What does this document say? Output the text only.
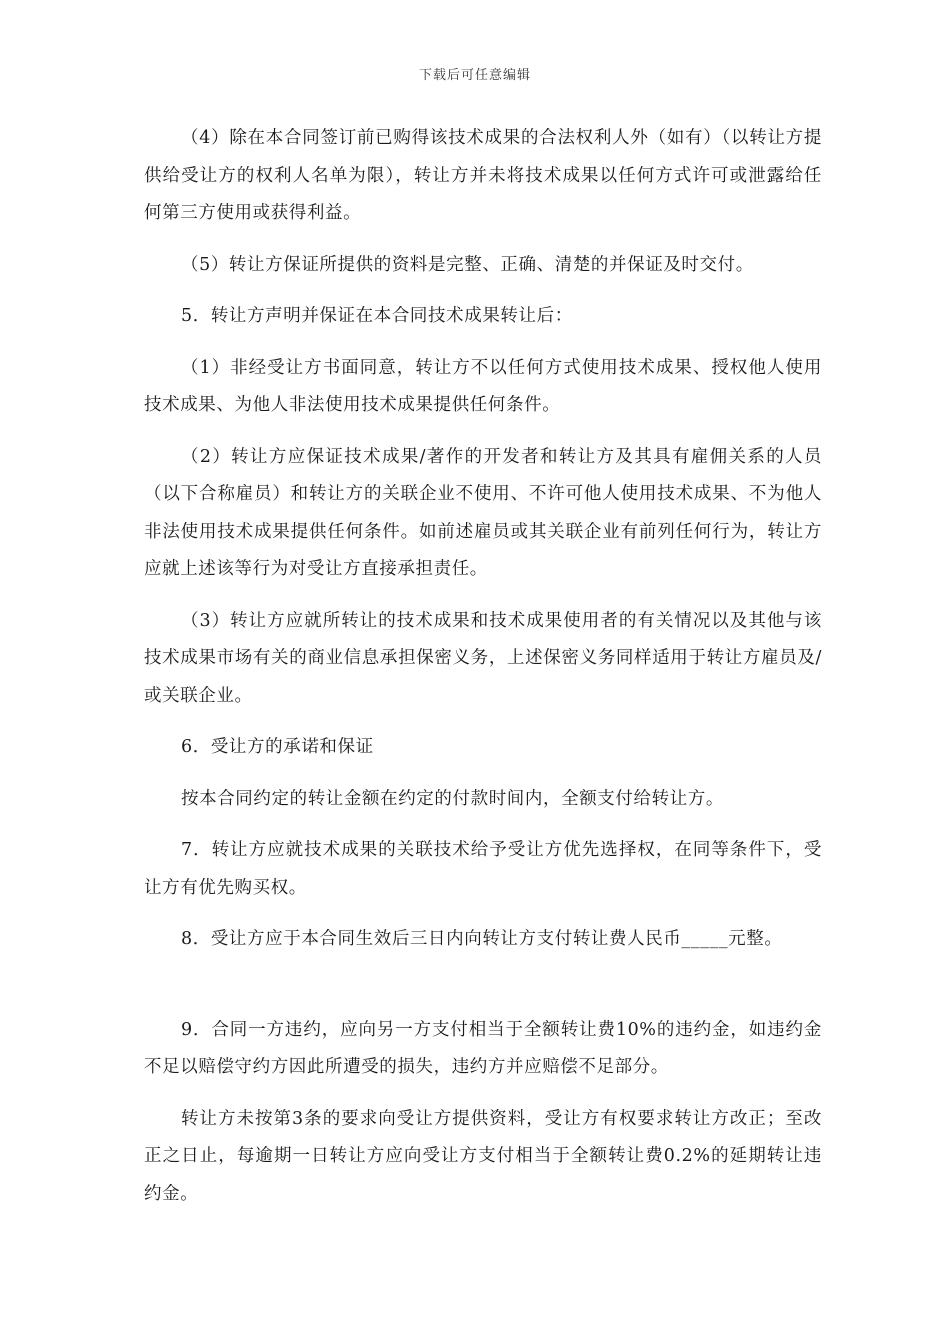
下载后可任意编辑

（4）除在本合同签订前已购得该技术成果的合法权利人外（如有）（以转让方提供给受让方的权利人名单为限），转让方并未将技术成果以任何方式许可或泄露给任何第三方使用或获得利益。

（5）转让方保证所提供的资料是完整、正确、清楚的并保证及时交付。

5．转让方声明并保证在本合同技术成果转让后：

（1）非经受让方书面同意，转让方不以任何方式使用技术成果、授权他人使用技术成果、为他人非法使用技术成果提供任何条件。

（2）转让方应保证技术成果/著作的开发者和转让方及其具有雇佣关系的人员（以下合称雇员）和转让方的关联企业不使用、不许可他人使用技术成果、不为他人非法使用技术成果提供任何条件。如前述雇员或其关联企业有前列任何行为，转让方应就上述该等行为对受让方直接承担责任。

（3）转让方应就所转让的技术成果和技术成果使用者的有关情况以及其他与该技术成果市场有关的商业信息承担保密义务，上述保密义务同样适用于转让方雇员及/或关联企业。

6．受让方的承诺和保证

按本合同约定的转让金额在约定的付款时间内，全额支付给转让方。

7．转让方应就技术成果的关联技术给予受让方优先选择权，在同等条件下，受让方有优先购买权。

8．受让方应于本合同生效后三日内向转让方支付转让费人民币_____元整。

9．合同一方违约，应向另一方支付相当于全额转让费10%的违约金，如违约金不足以赔偿守约方因此所遭受的损失，违约方并应赔偿不足部分。

转让方未按第3条的要求向受让方提供资料，受让方有权要求转让方改正；至改正之日止，每逾期一日转让方应向受让方支付相当于全额转让费0.2%的延期转让违约金。
